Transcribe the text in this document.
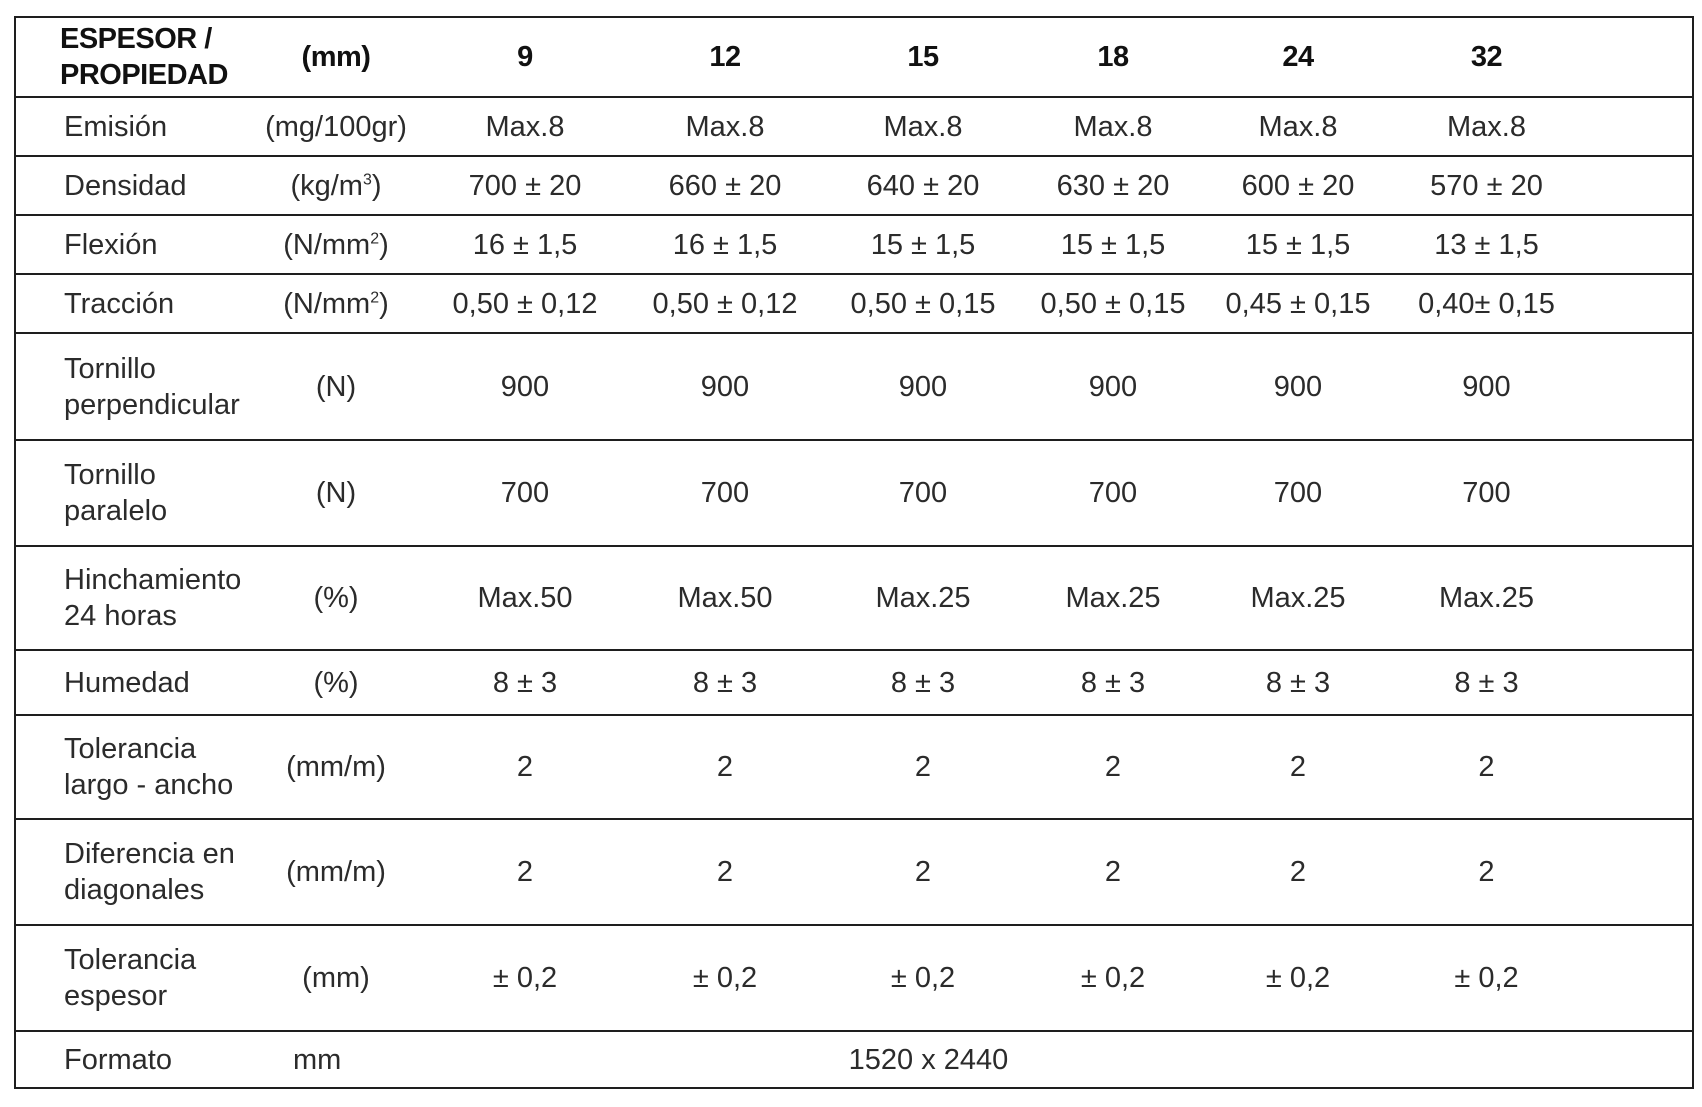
ESPESOR /
PROPIEDAD	(mm)	9	12	15	18	24	32
Emisión	(mg/100gr)	Max.8	Max.8	Max.8	Max.8	Max.8	Max.8
Densidad	$(kg/m^3)$	700 ± 20	660 ± 20	640 ± 20	630 ± 20	600 ± 20	570 ± 20
Flexión	$(N/mm^2)$	16 ± 1,5	16 ± 1,5	15 ± 1,5	15 ± 1,5	15 ± 1,5	13 ± 1,5
Tracción	$(N/mm^2)$	0,50 ± 0,12	0,50 ± 0,12	0,50 ± 0,15	0,50 ± 0,15	0,45 ± 0,15	0,40± 0,15

Tornillo
perpendicular	(N)	900	900	900	900	900	900

Tornillo
paralelo	(N)	700	700	700	700	700	700

Hinchamiento
24 horas	(%)	Max.50	Max.50	Max.25	Max.25	Max.25	Max.25
Humedad	(%)	8 ± 3	8 ± 3	8 ± 3	8 ± 3	8 ± 3	8 ± 3

Tolerancia
largo - ancho	(mm/m)	2	2	2	2	2	2

Diferencia en
diagonales	(mm/m)	2	2	2	2	2	2

Tolerancia
espesor	(mm)	± 0,2	± 0,2	± 0,2	± 0,2	± 0,2	± 0,2
Formato	mm	1520 x 2440					
